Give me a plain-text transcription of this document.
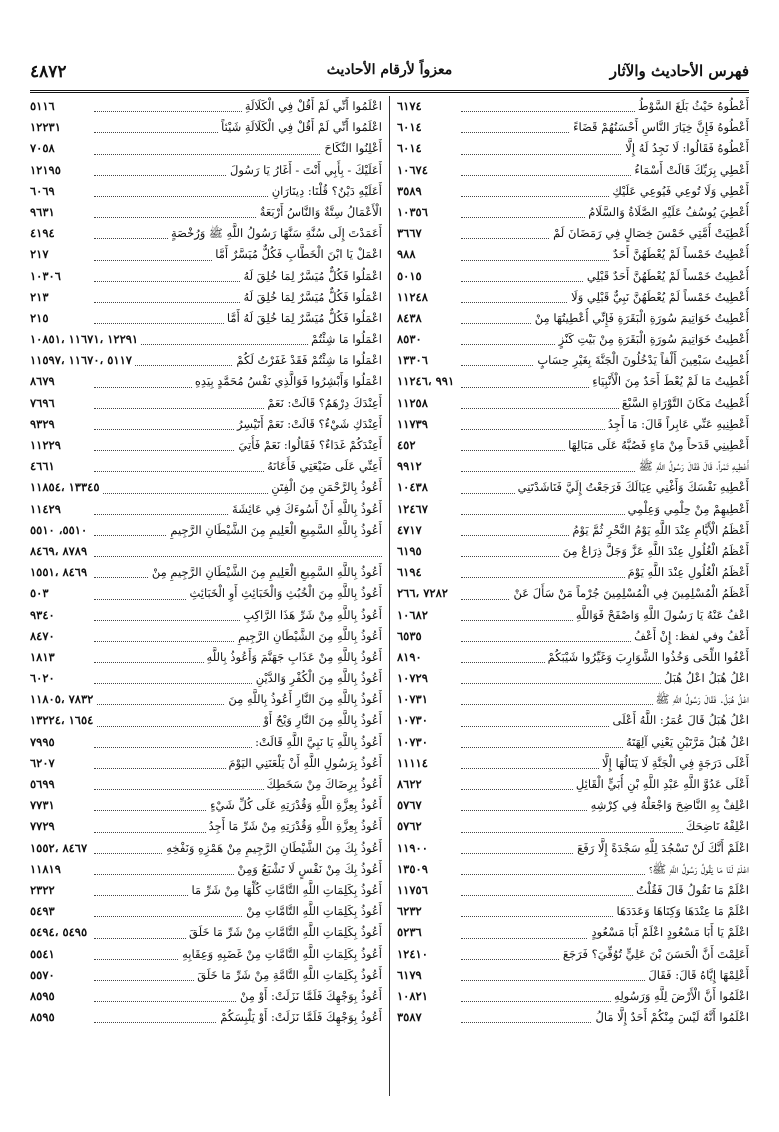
فهرس الأحاديث والآثار
معزواً لأرقام الأحاديث
٤٨٧٢
أَعْطُوهُ حَيْثُ بَلَغَ السَّوْطُ
٦١٧٤
أَعْطُوهُ فَإِنَّ خِيَارَ النَّاسِ أَحْسَنُهُمْ قَضَاءً
٦٠١٤
أَعْطُوهُ فَقَالُوا: لَا نَجِدُ لَهُ إِلَّا
٦٠١٤
أَعْطِي بِرَبِّكَ قَالَتْ أَسْمَاءُ
١٠٦٧٤
أَعْطِي وَلَا تُوعِي فَيُوعِي عَلَيْكِ
٣٥٨٩
أُعْطِيَ يُوسُفُ عَلَيْهِ الصَّلَاةُ وَالسَّلَامُ
١٠٣٥٦
أُعْطِيَتْ أُمَّتِي خَمْسَ خِصَالٍ فِي رَمَضَانَ لَمْ
٣٦٦٧
أُعْطِيتُ خَمْساً لَمْ يُعْطَهُنَّ أَحَدٌ
٩٨٨
أُعْطِيتُ خَمْساً لَمْ يُعْطَهُنَّ أَحَدٌ قَبْلِي
٥٠١٥
أُعْطِيتُ خَمْساً لَمْ يُعْطَهُنَّ نَبِيٌّ قَبْلِي وَلَا
١١٢٤٨
أُعْطِيتُ خَوَاتِيمَ سُورَةِ الْبَقَرَةِ فَإِنِّي أُعْطِيتُهَا مِنْ
٨٤٣٨
أُعْطِيتُ خَوَاتِيمَ سُورَةِ الْبَقَرَةِ مِنْ بَيْتِ كَنْزٍ
٨٥٣٠
أُعْطِيتُ سَبْعِينَ أَلْفاً يَدْخُلُونَ الْجَنَّةَ بِغَيْرِ حِسَابٍ
١٣٣٠٦
أُعْطِيتُ مَا لَمْ يُعْطَ أَحَدٌ مِنَ الْأَنْبِيَاءِ
٩٩١ ،١١٢٤٦
أُعْطِيتُ مَكَانَ التَّوْرَاةِ السَّبْعَ
١١٢٥٨
أَعْطِنِيهِ عَنِّي عَابِراً قَالَ: مَا أَجِدُ
١١٧٣٩
أَعْطِينِي قَدَحاً مِنْ مَاءٍ فَصُبَّهُ عَلَى مَبَالِهَا
٤٥٢
أَعْطِيهِ تَمْراً، قَالَ فَقَالَ رَسُولُ اللَّهِ ﷺ
٩٩١٢
أَعْطِيهِ نَفْسَكَ وَأَغْنِي عِيَالَكَ فَرَجَعْتُ إِلَيَّ فَنَاشَدْتَنِي
١٠٤٣٨
أَعْطِيهِمْ مِنْ حِلْمِي وَعِلْمِي
١٢٤٦٧
أَعْظَمُ الْأَيَّامِ عِنْدَ اللَّهِ يَوْمُ النَّحْرِ ثُمَّ يَوْمُ
٤٧١٧
أَعْظَمُ الْغُلُولِ عِنْدَ اللَّهِ عَزَّ وَجَلَّ ذِرَاعٌ مِنَ
٦١٩٥
أَعْظَمُ الْغُلُولِ عِنْدَ اللَّهِ يَوْمَ
٦١٩٤
أَعْظَمُ الْمُسْلِمِينَ فِي الْمُسْلِمِينَ جُرْماً مَنْ سَأَلَ عَنْ
٧٢٨٢ ،٢٦٦
اعْفُ عَنْهُ يَا رَسُولَ اللَّهِ وَاصْفَحْ فَوَاللَّهِ
١٠٦٨٢
أَعْفُ وفي لفظ: إِنْ أَعْفُ
٦٥٣٥
أَعْفُوا اللِّحَى وَخُذُوا الشَّوَارِبَ وَغَيِّرُوا شَيْبَكُمْ
٨١٩٠
اعْلُ هُبَلُ اعْلُ هُبَلُ
١٠٧٢٩
اعْلُ هُبَلُ. فَقَالَ رَسُولُ اللَّهِ ﷺ
١٠٧٣١
اعْلُ هُبَلُ قَالَ عُمَرُ: اللَّهُ أَعْلَى
١٠٧٣٠
اعْلُ هُبَلُ مَرَّتَيْنِ يَعْنِي آلِهَتَهُ
١٠٧٣٠
أَعْلَى دَرَجَةٍ فِي الْجَنَّةِ لَا يَنَالُهَا إِلَّا
١١١١٤
أَعْلَى عَدُوَّ اللَّهِ عَبْدِ اللَّهِ بْنِ أُبَيٍّ الْقَائِلِ
٨٦٢٢
اعْلِفْ بِهِ النَّاضِحَ وَاجْعَلْهُ فِي كِرْشِهِ
٥٧٦٧
اعْلِفْهُ نَاضِحَكَ
٥٧٦٢
اعْلَمْ أَنَّكَ لَنْ تَسْجُدَ لِلَّهِ سَجْدَةً إِلَّا رَفَعَ
١١٩٠٠
اعْلَمْ لَنَا مَا يَقُولُ رَسُولُ اللَّهِ ﷺ؟
١٣٥٠٩
اعْلَمْ مَا تَقُولُ قَالَ فَقُلْتُ
١١٧٥٦
اعْلَمْ مَا عِنْدَهَا وَكِنَاهَا وَعَدَدَهَا
٦٢٣٢
اعْلَمْ يَا أَبَا مَسْعُودٍ اعْلَمْ أَبَا مَسْعُودٍ
٥٢٣٦
أَعَلِمْتَ أَنَّ الْحَسَنَ بْنَ عَلِيٍّ تُوُفِّيَ؟ فَرَجَعَ
١٢٤١٠
أَعْلِمْهَا إِيَّاهُ قَالَ: فَقَالَ
٦١٧٩
اعْلَمُوا أَنَّ الْأَرْضَ لِلَّهِ وَرَسُولِهِ
١٠٨٢١
اعْلَمُوا أَنَّهُ لَيْسَ مِنْكُمْ أَحَدٌ إِلَّا مَالُ
٣٥٨٧
اعْلَمُوا أَنِّي لَمْ أَقُلْ فِي الْكَلَالَةِ
٥١١٦
اعْلَمُوا أَنِّي لَمْ أَقُلْ فِي الْكَلَالَةِ شَيْئاً
١٢٢٣١
أَعْلِنُوا النِّكَاحَ
٧٠٥٨
أَعَلَيْكَ - بِأَبِي أَنْتَ - أَغَارُ يَا رَسُولَ
١٢١٩٥
أَعَلَيْهِ دَيْنٌ؟ قُلْنَا: دِينَارَانِ
٦٠٦٩
الْأَعْمَالُ سِتَّةٌ وَالنَّاسُ أَرْبَعَةٌ
٩٦٣١
أَعَمَدْتَ إِلَى سُنَّةِ سَنَّهَا رَسُولُ اللَّهِ ﷺ وَرُخْصَةٍ
٤١٩٤
اعْمَلْ يَا ابْنَ الْخَطَّابِ فَكُلٌّ مُيَسَّرٌ أَمَّا
٢١٧
اعْمَلُوا فَكُلٌّ مُيَسَّرٌ لِمَا خُلِقَ لَهُ
١٠٣٠٦
اعْمَلُوا فَكُلٌّ مُيَسَّرٌ لِمَا خُلِقَ لَهُ
٢١٣
اعْمَلُوا فَكُلٌّ مُيَسَّرٌ لِمَا خُلِقَ لَهُ أَمَّا
٢١٥
اعْمَلُوا مَا شِئْتُمْ
١٢٢٩١ ،١١٦٧١ ،١٠٨٥١
اعْمَلُوا مَا شِئْتُمْ فَقَدْ غَفَرْتُ لَكُمْ
٥١١٧ ،١١٦٧٠ ،١١٥٩٧
اعْمَلُوا وَأَبْشِرُوا فَوَالَّذِي نَفْسُ مُحَمَّدٍ بِيَدِهِ
٨٦٧٩
أَعِنْدَكَ دِرْهَمٌ؟ قَالَتْ: نَعَمْ
٧٦٩٦
أَعِنْدَكِ شَيْءٌ؟ قَالَتْ: نَعَمْ أَتَيْسِرُ
٩٣٢٩
أَعِنْدَكُمْ غَدَاءٌ؟ فَقَالُوا: نَعَمْ فَأُتِيَ
١١٢٢٩
أَعِنِّي عَلَى ضَيْعَتِي فَأَعَانَهُ
٤٦٦١
أَعُوذُ بِالرَّحْمَنِ مِنَ الْفِتَنِ
١٣٣٤٥ ،١١٨٥٤
أَعُوذُ بِاللَّهِ أَنْ أَسُوءَكَ فِي عَائِشَةَ
١١٤٢٩
أَعُوذُ بِاللَّهِ السَّمِيعِ الْعَلِيمِ مِنَ الشَّيْطَانِ الرَّجِيمِ
٥٥١٠، ٥٥١٠
٨٧٨٩ ،٨٤٦٩
أَعُوذُ بِاللَّهِ السَّمِيعِ الْعَلِيمِ مِنَ الشَّيْطَانِ الرَّجِيمِ مِنْ
٨٤٦٩ ،١٥٥١
أَعُوذُ بِاللَّهِ مِنَ الْخُبُثِ وَالْخَبَائِثِ أَوِ الْخَبَائِثِ
٥٠٣
أَعُوذُ بِاللَّهِ مِنْ شَرِّ هَذَا الرَّاكِبِ
٩٣٤٠
أَعُوذُ بِاللَّهِ مِنَ الشَّيْطَانِ الرَّجِيمِ
٨٤٧٠
أَعُوذُ بِاللَّهِ مِنْ عَذَابِ جَهَنَّمَ وَأَعُوذُ بِاللَّهِ
١٨١٣
أَعُوذُ بِاللَّهِ مِنَ الْكُفْرِ وَالدَّيْنِ
٦٠٢٠
أَعُوذُ بِاللَّهِ مِنَ النَّارِ أَعُوذُ بِاللَّهِ مِنَ
٧٨٣٢ ،١١٨٠٥
أَعُوذُ بِاللَّهِ مِنَ النَّارِ وَيْحٌ أَوْ
١٦٥٤ ،١٣٢٢٤
أَعُوذُ بِاللَّهِ يَا نَبِيَّ اللَّهِ قَالَتْ:
٧٩٩٥
أَعُوذُ بِرَسُولِ اللَّهِ أَنْ يَلْعَنَنِي اليَوْمَ
٦٢٠٧
أَعُوذُ بِرِضَاكَ مِنْ سَخَطِكَ
٥٦٩٩
أَعُوذُ بِعِزَّةِ اللَّهِ وَقُدْرَتِهِ عَلَى كُلِّ شَيْءٍ
٧٧٣١
أَعُوذُ بِعِزَّةِ اللَّهِ وَقُدْرَتِهِ مِنْ شَرِّ مَا أَجِدُ
٧٧٢٩
أَعُوذُ بِكَ مِنَ الشَّيْطَانِ الرَّجِيمِ مِنْ هَمْزِهِ وَنَفْخِهِ
٨٤٦٧ ،١٥٥٢
أَعُوذُ بِكَ مِنْ نَفْسٍ لَا تَشْبَعُ وَمِنْ
١١٨١٩
أَعُوذُ بِكَلِمَاتِ اللَّهِ التَّامَّاتِ كُلِّهَا مِنْ شَرِّ مَا
٢٣٢٢
أَعُوذُ بِكَلِمَاتِ اللَّهِ التَّامَّاتِ مِنْ
٥٤٩٣
أَعُوذُ بِكَلِمَاتِ اللَّهِ التَّامَّاتِ مِنْ شَرِّ مَا خَلَقَ
٥٤٩٥ ،٥٤٩٤
أَعُوذُ بِكَلِمَاتِ اللَّهِ التَّامَّاتِ مِنْ غَضَبِهِ وَعِقَابِهِ
٥٥٤١
أَعُوذُ بِكَلِمَاتِ اللَّهِ التَّامَّةِ مِنْ شَرِّ مَا خَلَقَ
٥٥٧٠
أَعُوذُ بِوَجْهِكَ فَلَمَّا نَزَلَتْ: أَوْ مِنْ
٨٥٩٥
أَعُوذُ بِوَجْهِكَ فَلَمَّا نَزَلَتْ: أَوْ يَلْبِسَكُمْ
٨٥٩٥
